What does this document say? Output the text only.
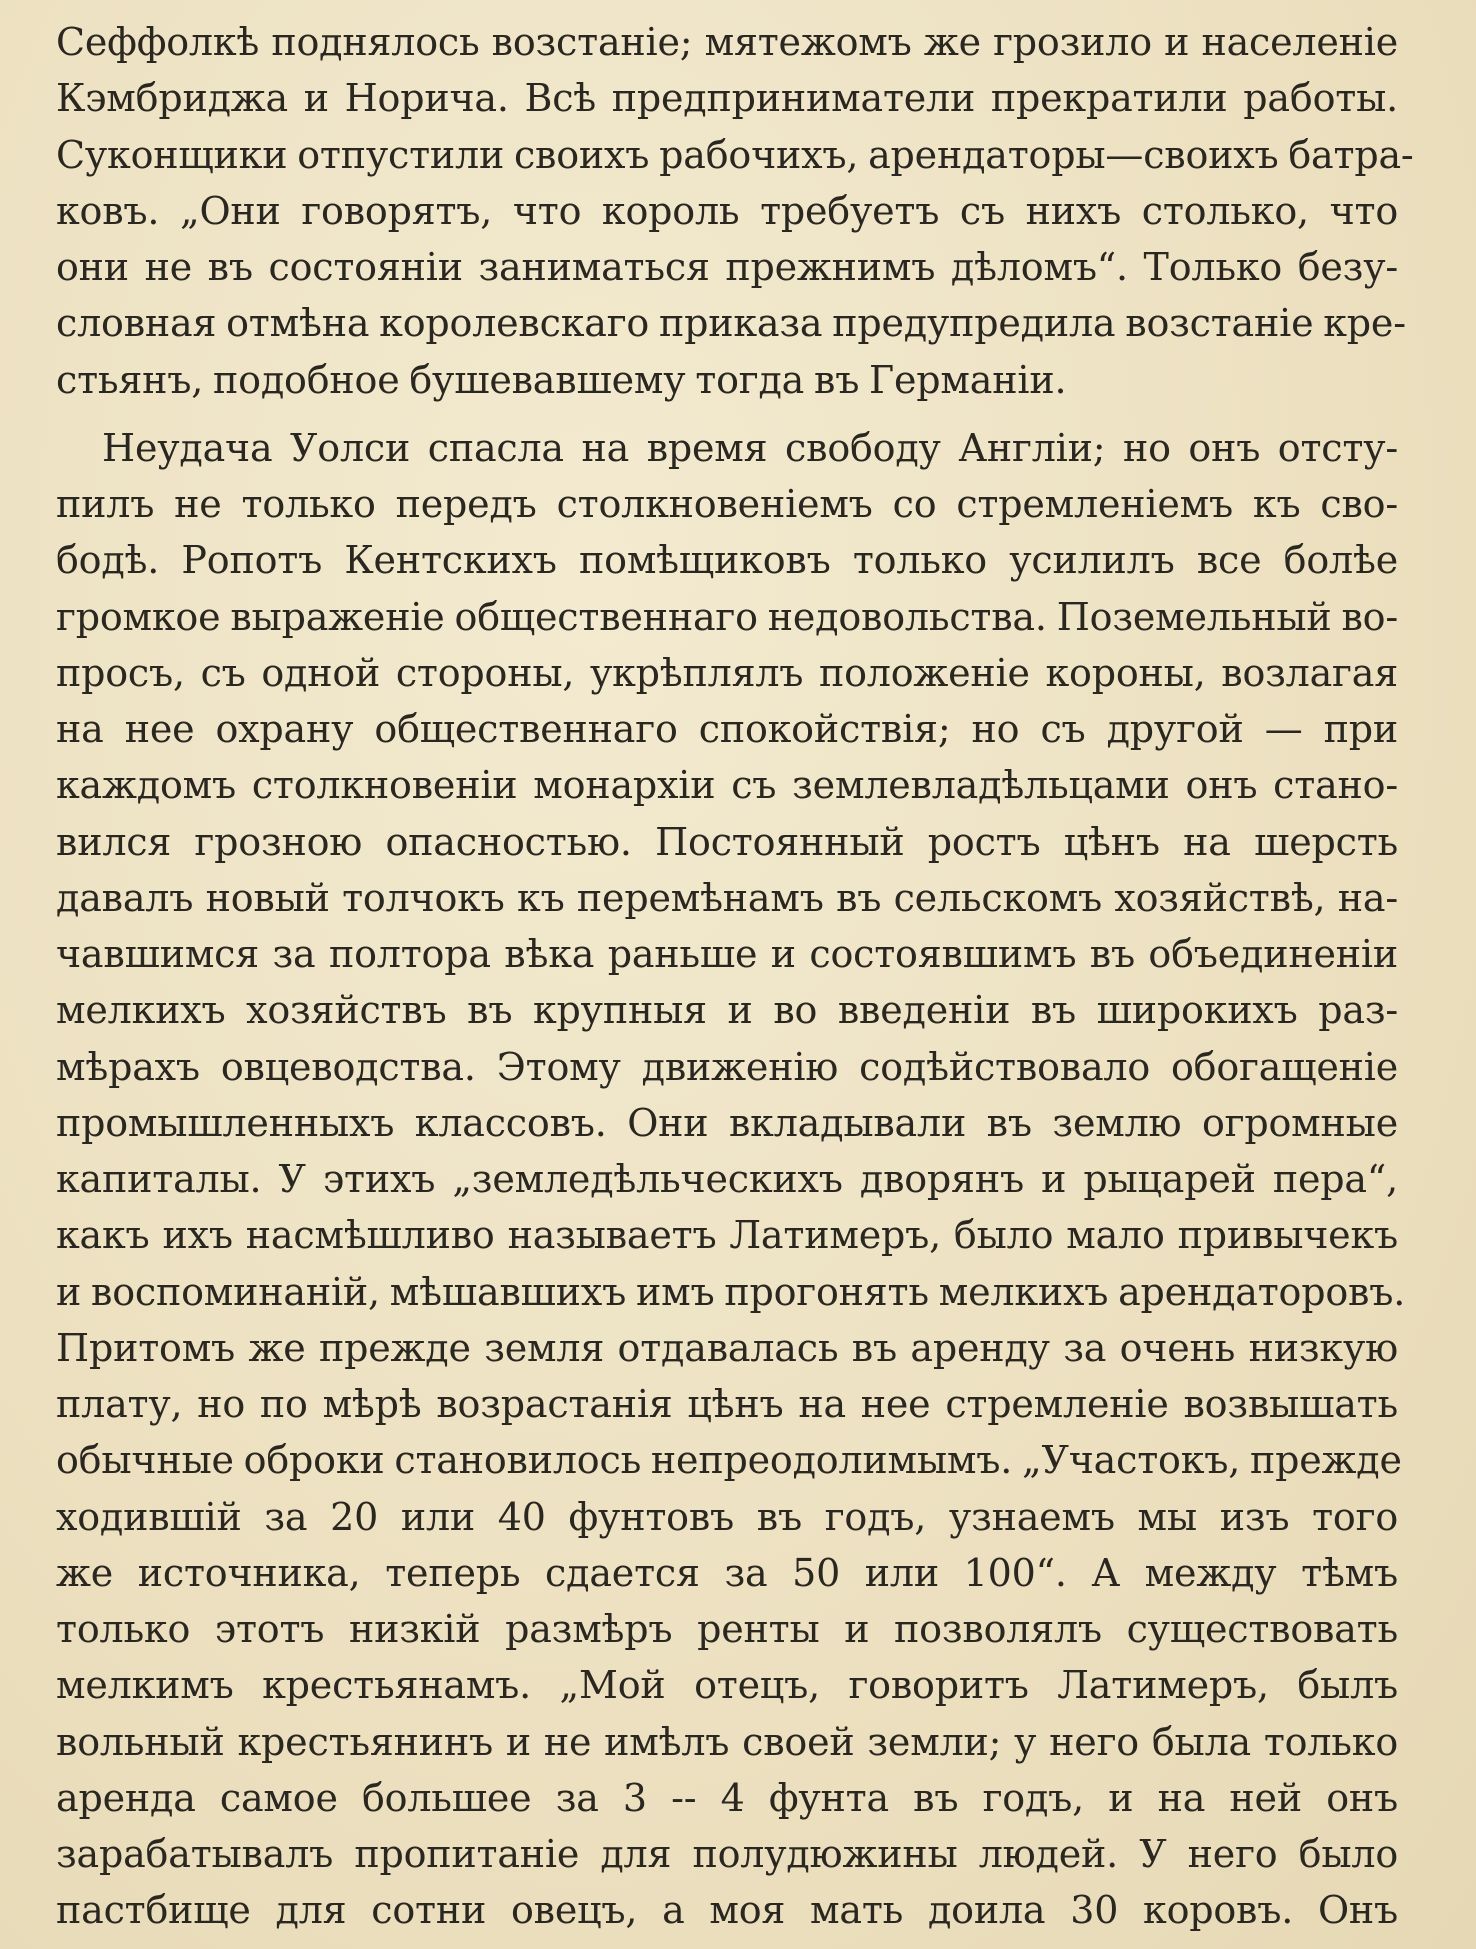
Сеффолкѣ поднялось возстаніе; мятежомъ же грозило и населеніе
Кэмбриджа и Норича. Всѣ предприниматели прекратили работы.
Суконщики отпустили своихъ рабочихъ, арендаторы—своихъ батра-
ковъ. „Они говорятъ, что король требуетъ съ нихъ столько, что
они не въ состояніи заниматься прежнимъ дѣломъ“. Только безу-
словная отмѣна королевскаго приказа предупредила возстаніе кре-
стьянъ, подобное бушевавшему тогда въ Германіи.
Неудача Уолси спасла на время свободу Англіи; но онъ отсту-
пилъ не только передъ столкновеніемъ со стремленіемъ къ сво-
бодѣ. Ропотъ Кентскихъ помѣщиковъ только усилилъ все болѣе
громкое выраженіе общественнаго недовольства. Поземельный во-
просъ, съ одной стороны, укрѣплялъ положеніе короны, возлагая
на нее охрану общественнаго спокойствія; но съ другой — при
каждомъ столкновеніи монархіи съ землевладѣльцами онъ стано-
вился грозною опасностью. Постоянный ростъ цѣнъ на шерсть
давалъ новый толчокъ къ перемѣнамъ въ сельскомъ хозяйствѣ, на-
чавшимся за полтора вѣка раньше и состоявшимъ въ объединеніи
мелкихъ хозяйствъ въ крупныя и во введеніи въ широкихъ раз-
мѣрахъ овцеводства. Этому движенію содѣйствовало обогащеніе
промышленныхъ классовъ. Они вкладывали въ землю огромные
капиталы. У этихъ „земледѣльческихъ дворянъ и рыцарей пера“,
какъ ихъ насмѣшливо называетъ Латимеръ, было мало привычекъ
и воспоминаній, мѣшавшихъ имъ прогонять мелкихъ арендаторовъ.
Притомъ же прежде земля отдавалась въ аренду за очень низкую
плату, но по мѣрѣ возрастанія цѣнъ на нее стремленіе возвышать
обычные оброки становилось непреодолимымъ. „Участокъ, прежде
ходившій за 20 или 40 фунтовъ въ годъ, узнаемъ мы изъ того
же источника, теперь сдается за 50 или 100“. А между тѣмъ
только этотъ низкій размѣръ ренты и позволялъ существовать
мелкимъ крестьянамъ. „Мой отецъ, говоритъ Латимеръ, былъ
вольный крестьянинъ и не имѣлъ своей земли; у него была только
аренда самое большее за 3 -- 4 фунта въ годъ, и на ней онъ
зарабатывалъ пропитаніе для полудюжины людей. У него было
пастбище для сотни овецъ, а моя мать доила 30 коровъ. Онъ
